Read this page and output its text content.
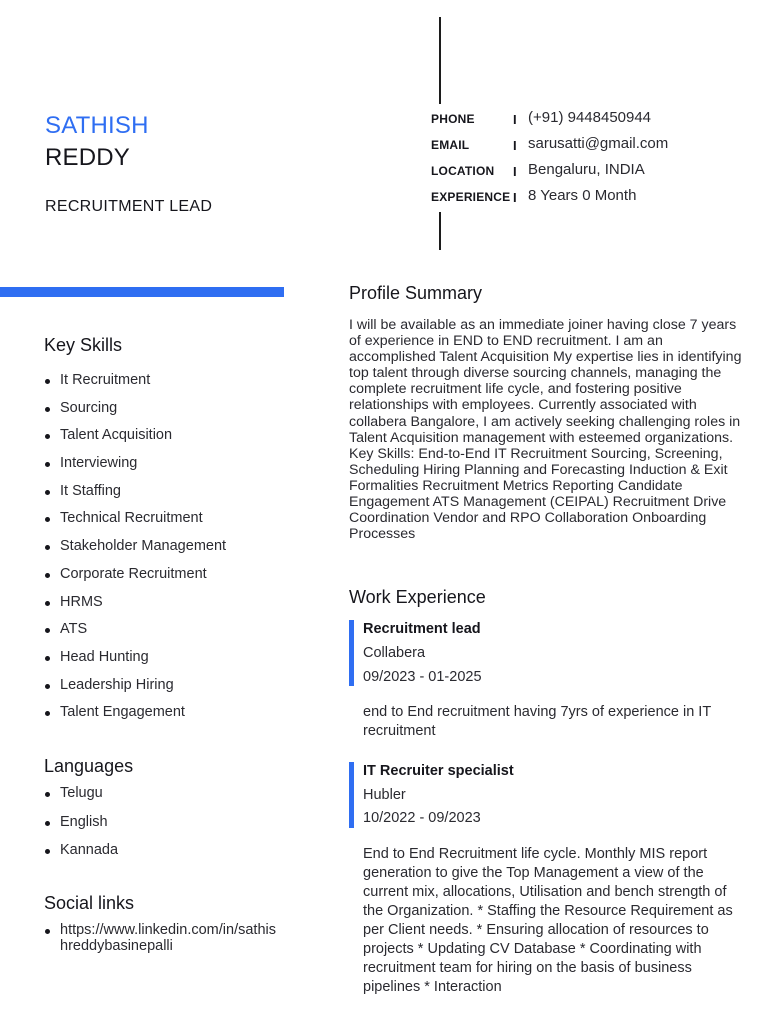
SATHISH
REDDY
RECRUITMENT LEAD
PHONE	I (+91) 9448450944
EMAIL	I sarusatti@gmail.com
LOCATION I Bengaluru, INDIA
EXPERIENCE I 8 Years 0 Month
Key Skills
It Recruitment
Sourcing
Talent Acquisition
Interviewing
It Staffing
Technical Recruitment
Stakeholder Management
Corporate Recruitment
HRMS
ATS
Head Hunting
Leadership Hiring
Talent Engagement
Languages
Telugu
English
Kannada
Social links
https://www.linkedin.com/in/sathishreddybasinepalli
Profile Summary
I will be available as an immediate joiner having close 7 years of experience in END to END recruitment. I am an accomplished Talent Acquisition My expertise lies in identifying top talent through diverse sourcing channels, managing the complete recruitment life cycle, and fostering positive relationships with employees. Currently associated with collabera Bangalore, I am actively seeking challenging roles in Talent Acquisition management with esteemed organizations. Key Skills: End-to-End IT Recruitment Sourcing, Screening, Scheduling Hiring Planning and Forecasting Induction & Exit Formalities Recruitment Metrics Reporting Candidate Engagement ATS Management (CEIPAL) Recruitment Drive Coordination Vendor and RPO Collaboration Onboarding Processes
Work Experience
Recruitment lead
Collabera
09/2023 - 01-2025
end to End recruitment having 7yrs of experience in IT recruitment
IT Recruiter specialist
Hubler
10/2022 - 09/2023
End to End Recruitment life cycle. Monthly MIS report generation to give the Top Management a view of the current mix, allocations, Utilisation and bench strength of the Organization. * Staffing the Resource Requirement as per Client needs. * Ensuring allocation of resources to projects * Updating CV Database * Coordinating with recruitment team for hiring on the basis of business pipelines * Interaction
